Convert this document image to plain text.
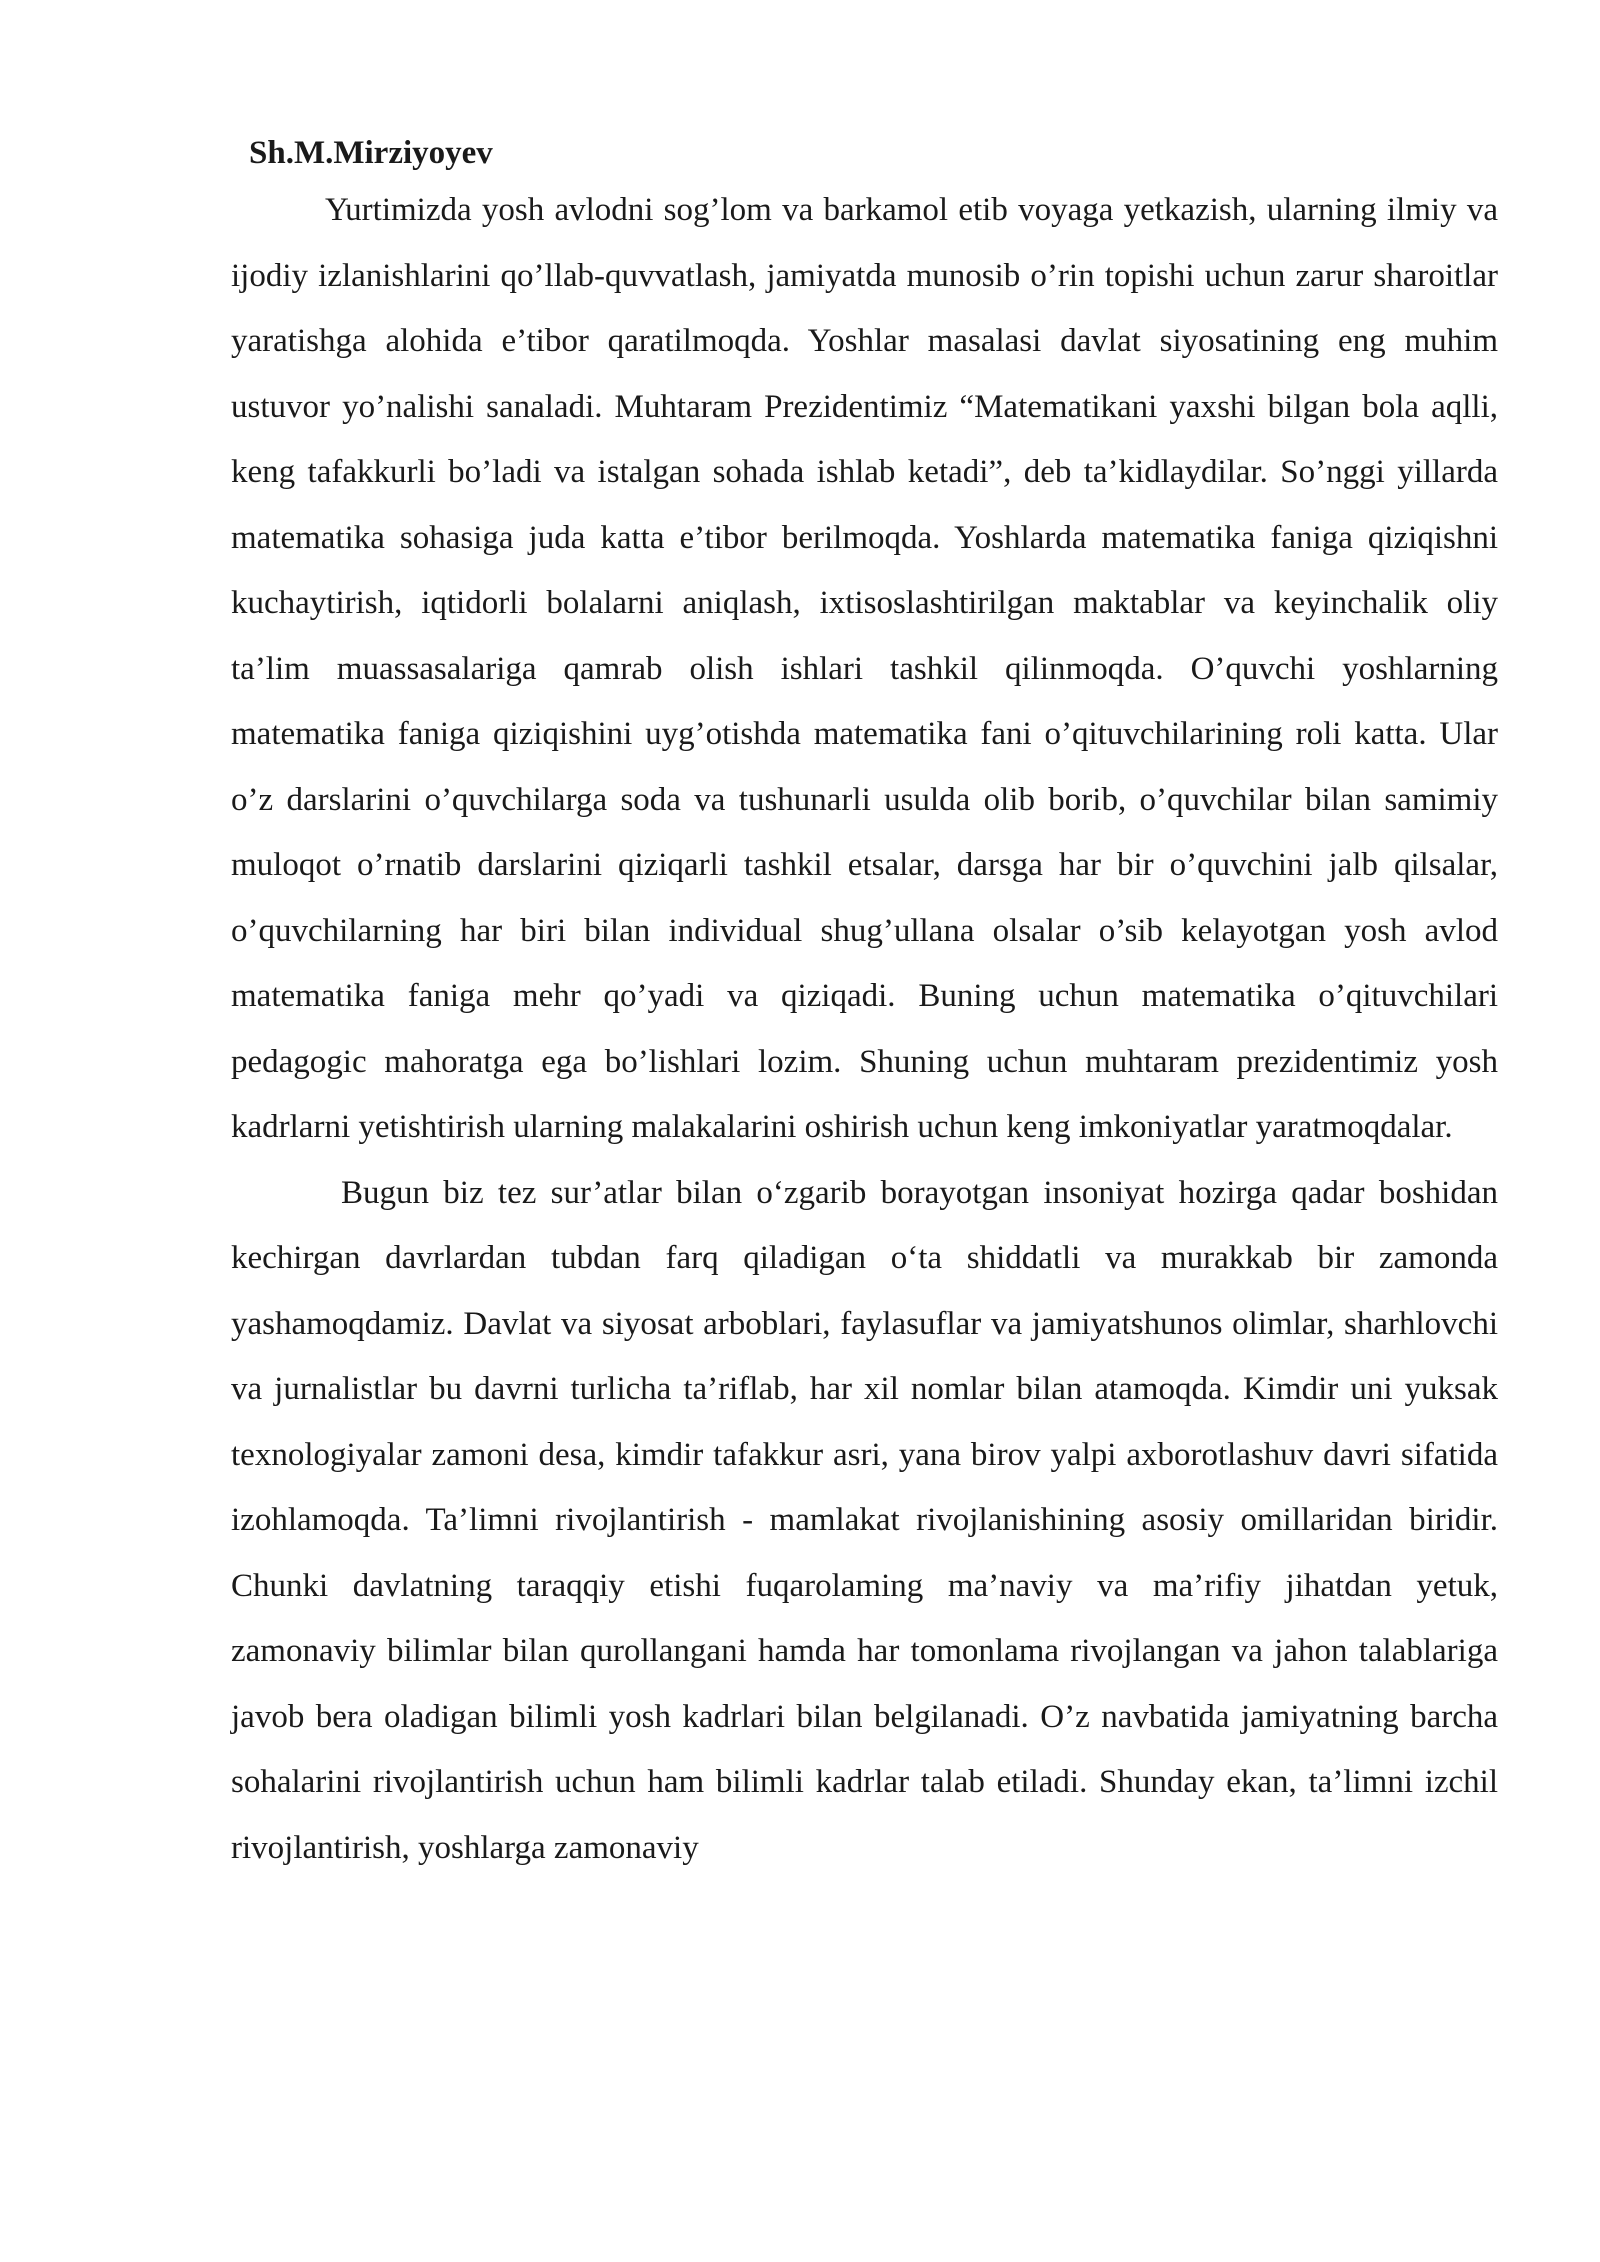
Sh.M.Mirziyoyev

Yurtimizda yosh avlodni sog’lom va barkamol etib voyaga yetkazish, ularning ilmiy va ijodiy izlanishlarini qo’llab-quvvatlash, jamiyatda munosib o’rin topishi uchun zarur sharoitlar yaratishga alohida e’tibor qaratilmoqda. Yoshlar masalasi davlat siyosatining eng muhim ustuvor yo’nalishi sanaladi. Muhtaram Prezidentimiz “Matematikani yaxshi bilgan bola aqlli, keng tafakkurli bo’ladi va istalgan sohada ishlab ketadi”, deb ta’kidlaydilar. So’nggi yillarda matematika sohasiga juda katta e’tibor berilmoqda. Yoshlarda matematika faniga qiziqishni kuchaytirish, iqtidorli bolalarni aniqlash, ixtisoslashtirilgan maktablar va keyinchalik oliy ta’lim muassasalariga qamrab olish ishlari tashkil qilinmoqda. O’quvchi yoshlarning matematika faniga qiziqishini uyg’otishda matematika fani o’qituvchilarining roli katta. Ular o’z darslarini o’quvchilarga soda va tushunarli usulda olib borib, o’quvchilar bilan samimiy muloqot o’rnatib darslarini qiziqarli tashkil etsalar, darsga har bir o’quvchini jalb qilsalar, o’quvchilarning har biri bilan individual shug’ullana olsalar o’sib kelayotgan yosh avlod matematika faniga mehr qo’yadi va qiziqadi. Buning uchun matematika o’qituvchilari pedagogic mahoratga ega bo’lishlari lozim. Shuning uchun muhtaram prezidentimiz yosh kadrlarni yetishtirish ularning malakalarini oshirish uchun keng imkoniyatlar yaratmoqdalar.

Bugun biz tez sur’atlar bilan o‘zgarib borayotgan insoniyat hozirga qadar boshidan kechirgan davrlardan tubdan farq qiladigan o‘ta shiddatli va murakkab bir zamonda yashamoqdamiz. Davlat va siyosat arboblari, faylasuflar va jamiyatshunos olimlar, sharhlovchi va jurnalistlar bu davrni turlicha ta’riflab, har xil nomlar bilan atamoqda. Kimdir uni yuksak texnologiyalar zamoni desa, kimdir tafakkur asri, yana birov yalpi axborotlashuv davri sifatida izohlamoqda. Ta’limni rivojlantirish - mamlakat rivojlanishining asosiy omillaridan biridir. Chunki davlatning taraqqiy etishi fuqarolaming ma’naviy va ma’rifiy jihatdan yetuk, zamonaviy bilimlar bilan qurollangani hamda har tomonlama rivojlangan va jahon talablariga javob bera oladigan bilimli yosh kadrlari bilan belgilanadi. O’z navbatida jamiyatning barcha sohalarini rivojlantirish uchun ham bilimli kadrlar talab etiladi. Shunday ekan, ta’limni izchil rivojlantirish, yoshlarga zamonaviy
